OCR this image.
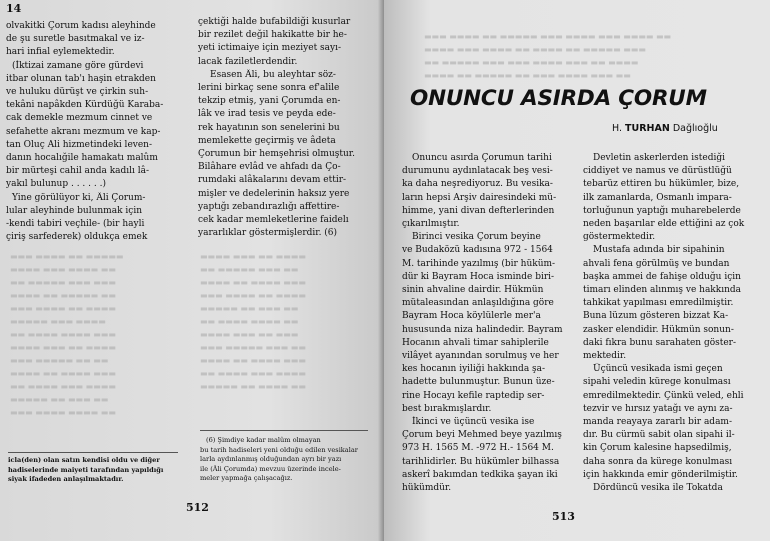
14
▬▬▬ ▬▬▬▬ ▬▬ ▬▬▬▬▬
▬▬▬▬ ▬▬▬ ▬▬▬▬ ▬▬
▬▬ ▬▬▬▬▬ ▬▬▬ ▬▬▬
▬▬▬▬ ▬▬ ▬▬▬▬▬ ▬▬
▬▬▬ ▬▬▬▬ ▬▬ ▬▬▬▬
▬▬▬▬▬ ▬▬▬ ▬▬▬▬
▬▬ ▬▬▬▬ ▬▬▬▬ ▬▬▬
▬▬▬▬ ▬▬▬ ▬▬ ▬▬▬▬
▬▬▬ ▬▬▬▬▬ ▬▬ ▬▬
▬▬▬▬ ▬▬ ▬▬▬▬ ▬▬▬
▬▬ ▬▬▬▬ ▬▬▬ ▬▬▬▬
▬▬▬▬▬ ▬▬ ▬▬▬ ▬▬
▬▬▬ ▬▬▬▬ ▬▬▬▬ ▬▬
▬▬▬▬ ▬▬▬ ▬▬ ▬▬▬▬
▬▬ ▬▬▬▬▬ ▬▬▬ ▬▬
▬▬▬▬ ▬▬ ▬▬▬▬ ▬▬▬
▬▬▬ ▬▬▬▬ ▬▬ ▬▬▬▬
▬▬▬▬▬ ▬▬ ▬▬▬ ▬▬
▬▬ ▬▬▬▬ ▬▬▬▬ ▬▬
▬▬▬▬ ▬▬▬ ▬▬ ▬▬▬
▬▬▬ ▬▬▬▬▬ ▬▬▬ ▬▬
▬▬▬▬ ▬▬ ▬▬▬▬ ▬▬▬
▬▬ ▬▬▬▬ ▬▬▬ ▬▬▬▬
▬▬▬▬▬ ▬▬ ▬▬▬▬ ▬▬
olvakitki Çorum kadısı aleyhinde
de şu suretle basıtmakal ve iz-
hari infial eylemektedir.
(İktizai zamane göre gürdevi
itbar olunan tab'ı haşin etrakden
ve huluku dürüşt ve çirkin suh-
tekâni napâkden Kürdüğü Karaba-
cak demekle mezmum cinnet ve
sefahette akranı mezmum ve kap-
tan Oluç Ali hizmetindeki leven-
danın hocalığile hamakatı malûm
bir mürteşi cahil anda kadılı lâ-
yakıl bulunup . . . . . .)
Yine görülüyor ki, Âli Çorum-
lular aleyhinde bulunmak için
-kendi tabiri veçhile- (bir hayli
çiriş sarfederek) oldukça emek
çektiği halde bufabildiği kusurlar
bir rezilet değil hakikatte bir he-
yeti ictimaiye için meziyet sayı-
lacak faziletlerdendir.
Esasen Âli, bu aleyhtar söz-
lerini birkaç sene sonra ef'alile
tekzip etmiş, yani Çorumda en-
lâk ve irad tesis ve peyda ede-
rek hayatının son senelerini bu
memlekette geçirmiş ve âdeta
Çorumun bir hemşehrisi olmuştur.
Bilâhare evlâd ve ahfadı da Ço-
rumdaki alâkalarını devam ettir-
mişler ve dedelerinin haksız yere
yaptığı zebandırazlığı affettire-
cek kadar memleketlerine faidelı
yararlıklar göstermişlerdir. (6)
icla(den) olan satın kendisi oldu ve diğer
hadiselerinde maiyeti tarafından yapıldığı
siyak ifadeden anlaşılmaktadır.
(6) Şimdiye kadar malûm olmayan
bu tarih hadiseleri yeni olduğu edilen vesikalar
larla aydınlanmış olduğundan ayrı bir yazı
ile (Âli Çorumda) mevzuu üzerinde incele-
meler yapmağa çalışacağız.
512
▬▬▬ ▬▬▬▬ ▬▬ ▬▬▬▬▬ ▬▬▬ ▬▬▬▬ ▬▬▬ ▬▬▬▬ ▬▬
▬▬▬▬ ▬▬▬ ▬▬▬▬ ▬▬ ▬▬▬▬ ▬▬ ▬▬▬▬▬ ▬▬▬
▬▬ ▬▬▬▬▬ ▬▬▬ ▬▬▬ ▬▬▬▬ ▬▬▬ ▬▬ ▬▬▬▬
▬▬▬▬ ▬▬ ▬▬▬▬▬ ▬▬ ▬▬▬ ▬▬▬▬ ▬▬▬ ▬▬
ONUNCU ASIRDA ÇORUM
H. TURHAN Dağlıoğlu
Onuncu asırda Çorumun tarihi
durumunu aydınlatacak beş vesi-
ka daha neşrediyoruz. Bu vesika-
ların hepsi Arşiv dairesindeki mü-
himme, yani divan defterlerinden
çıkarılmıştır.
Birinci vesika Çorum beyine
ve Budaközü kadısına 972 - 1564
M. tarihinde yazılmış (bir hüküm-
dür ki Bayram Hoca isminde biri-
sinin ahvaline dairdir. Hükmün
mütaleasından anlaşıldığına göre
Bayram Hoca köylülerle mer'a
hususunda niza halindedir. Bayram
Hocanın ahvali timar sahiplerile
vilâyet ayanından sorulmuş ve her
kes hocanın iyiliği hakkında şa-
hadette bulunmuştur. Bunun üze-
rine Hocayı kefile raptedip ser-
best bırakmışlardır.
İkinci ve üçüncü vesika ise
Çorum beyi Mehmed beye yazılmış
973 H. 1565 M. -972 H.- 1564 M.
tarihlidirler. Bu hükümler bilhassa
askerî bakımdan tedkika şayan iki
hükümdür.
Devletin askerlerden istediği
ciddiyet ve namus ve dürüstlüğü
tebarüz ettiren bu hükümler, bize,
ilk zamanlarda, Osmanlı impara-
torluğunun yaptığı muharebelerde
neden başarılar elde ettiğini az çok
göstermektedir.
Mustafa adında bir sipahinin
ahvali fena görülmüş ve bundan
başka ammei de fahişe olduğu için
timarı elinden alınmış ve hakkında
tahkikat yapılması emredilmiştir.
Buna lüzum gösteren bizzat Ka-
zasker elendidir. Hükmün sonun-
daki fıkra bunu sarahaten göster-
mektedir.
Üçüncü vesikada ismi geçen
sipahi veledin kürege konulması
emredilmektedir. Çünkü veled, ehli
tezvir ve hırsız yatağı ve aynı za-
manda reayaya zararlı bir adam-
dır. Bu cürmü sabit olan sipahi il-
kin Çorum kalesine hapsedilmiş,
daha sonra da kürege konulması
için hakkında emir gönderilmiştir.
Dördüncü vesika ile Tokatda
513
